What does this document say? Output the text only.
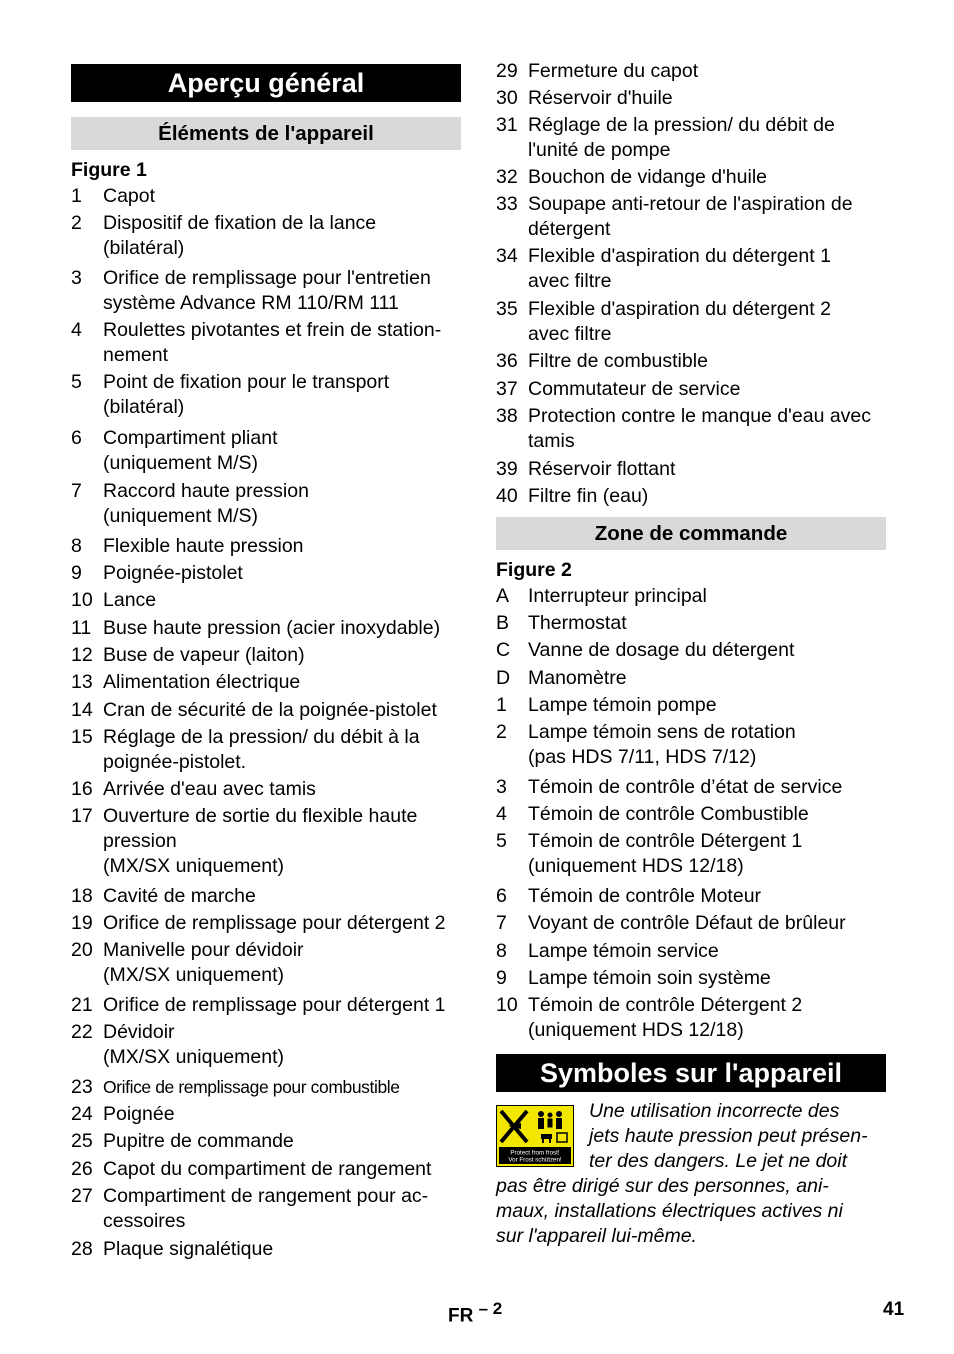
Aperçu général
Éléments de l'appareil
Figure 1
1	Capot
2	Dispositif de fixation de la lance
(bilatéral)
3	Orifice de remplissage pour l'entretien
système Advance RM 110/RM 111
4	Roulettes pivotantes et frein de station-
nement
5	Point de fixation pour le transport
(bilatéral)
6	Compartiment pliant
(uniquement M/S)
7	Raccord haute pression
(uniquement M/S)
8	Flexible haute pression
9	Poignée-pistolet
10 Lance
11 Buse haute pression (acier inoxydable)
12 Buse de vapeur (laiton)
13 Alimentation électrique
14 Cran de sécurité de la poignée-pistolet
15 Réglage de la pression/ du débit à la
poignée-pistolet.
16 Arrivée d'eau avec tamis
17 Ouverture de sortie du flexible haute
pression
(MX/SX uniquement)
18 Cavité de marche
19 Orifice de remplissage pour détergent 2
20 Manivelle pour dévidoir
(MX/SX uniquement)
21 Orifice de remplissage pour détergent 1
22 Dévidoir
(MX/SX uniquement)
23 Orifice de remplissage pour combustible
24 Poignée
25 Pupitre de commande
26 Capot du compartiment de rangement
27 Compartiment de rangement pour ac-
cessoires
28 Plaque signalétique
29 Fermeture du capot
30 Réservoir d'huile
31 Réglage de la pression/ du débit de
l'unité de pompe
32 Bouchon de vidange d'huile
33 Soupape anti-retour de l'aspiration de
détergent
34 Flexible d'aspiration du détergent 1
avec filtre
35 Flexible d'aspiration du détergent 2
avec filtre
36 Filtre de combustible
37 Commutateur de service
38 Protection contre le manque d'eau avec
tamis
39 Réservoir flottant
40 Filtre fin (eau)
Zone de commande
Figure 2
A Interrupteur principal
B Thermostat
C Vanne de dosage du détergent
D Manomètre
1	Lampe témoin pompe
2	Lampe témoin sens de rotation
(pas HDS 7/11, HDS 7/12)
3	Témoin de contrôle d’état de service
4	Témoin de contrôle Combustible
5	Témoin de contrôle Détergent 1
(uniquement HDS 12/18)
6	Témoin de contrôle Moteur
7	Voyant de contrôle Défaut de brûleur
8	Lampe témoin service
9	Lampe témoin soin système
10 Témoin de contrôle Détergent 2
(uniquement HDS 12/18)
Symboles sur l'appareil
Protect from frost!
Vor Frost schützen!
Une utilisation incorrecte des
jets haute pression peut présen-
ter des dangers. Le jet ne doit
pas être dirigé sur des personnes, ani-
maux, installations électriques actives ni
sur l'appareil lui-même.
FR $^{- 2}$	41
